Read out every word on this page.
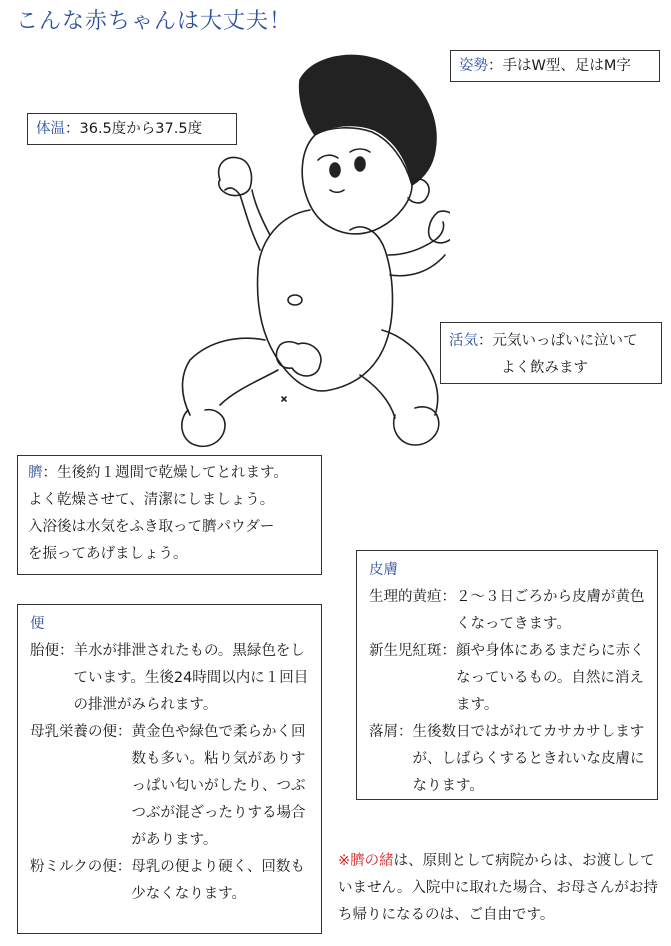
こんな赤ちゃんは大丈夫！
姿勢：手はW型、足はM字
体温：36.5度から37.5度
活気：元気いっぱいに泣いて
よく飲みます
臍：生後約１週間で乾燥してとれます。
よく乾燥させて、清潔にしましょう。
入浴後は水気をふき取って臍パウダー
を振ってあげましょう。
皮膚
生理的黄疸： ２～３日ごろから皮膚が黄色くなってきます。
新生児紅斑： 顔や身体にあるまだらに赤くなっているもの。自然に消えます。
落屑： 生後数日ではがれてカサカサしますが、しばらくするときれいな皮膚になります。
便
胎便： 羊水が排泄されたもの。黒緑色をしています。生後24時間以内に１回目の排泄がみられます。
母乳栄養の便： 黄金色や緑色で柔らかく回数も多い。粘り気がありすっぱい匂いがしたり、つぶつぶが混ざったりする場合があります。
粉ミルクの便： 母乳の便より硬く、回数も少なくなります。
※臍の緒は、原則として病院からは、お渡ししていません。入院中に取れた場合、お母さんがお持ち帰りになるのは、ご自由です。
